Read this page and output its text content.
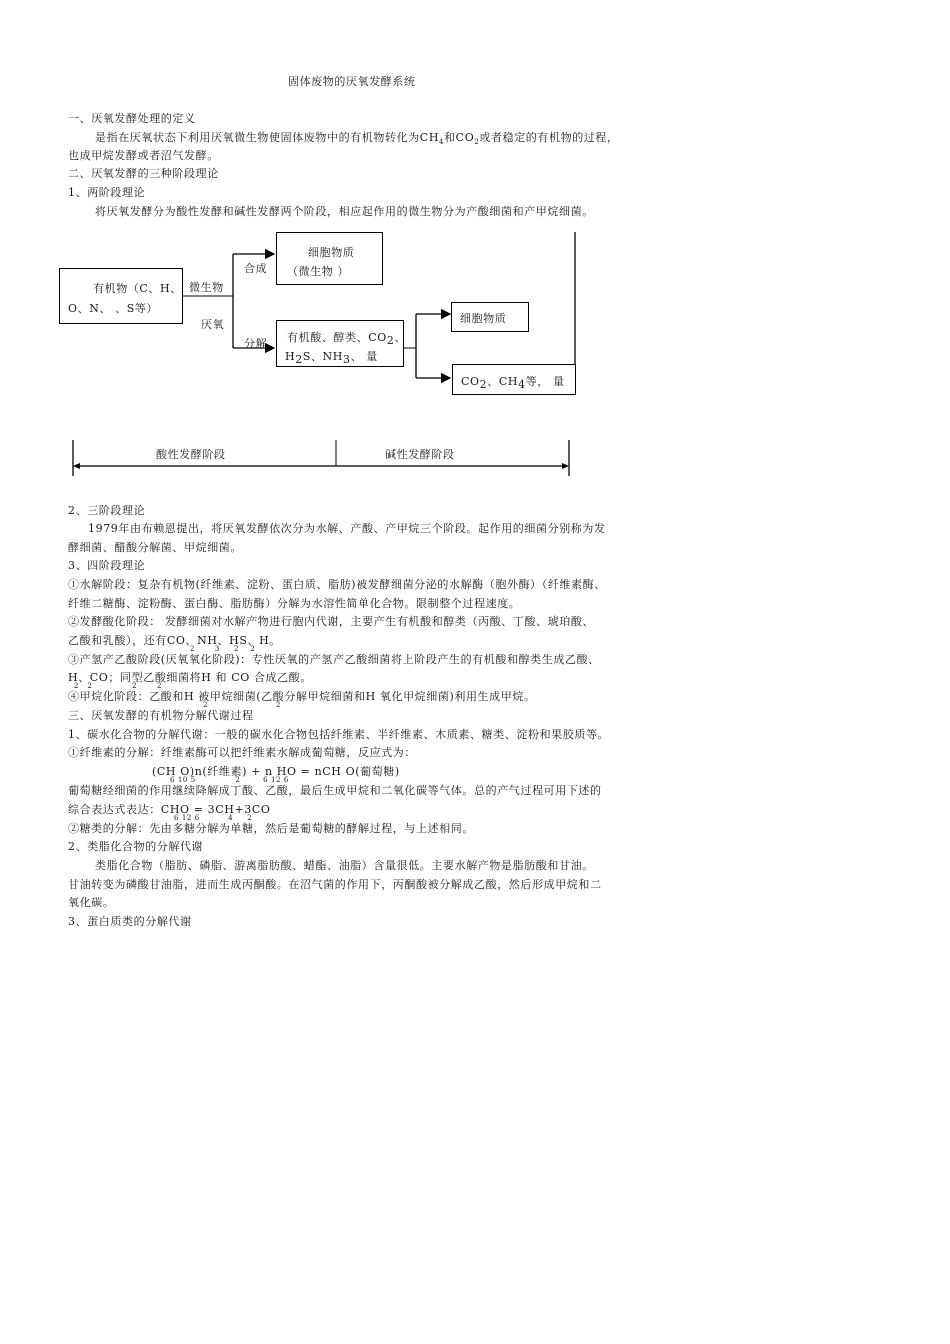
固体废物的厌氧发酵系统
一、厌氧发酵处理的定义
是指在厌氧状态下利用厌氧微生物使固体废物中的有机物转化为$CH_4$和$CO_2$或者稳定的有机物的过程，
也成甲烷发酵或者沼气发酵。
二、厌氧发酵的三种阶段理论
1、两阶段理论
将厌氧发酵分为酸性发酵和碱性发酵两个阶段，相应起作用的微生物分为产酸细菌和产甲烷细菌。
有机物（C、H、
O、N、 、S等）
微生物
厌氧
合成
分解
细胞物质
（微生物 ）
有机酸、醇类、CO2、
H2S、NH3、 量
细胞物质
CO2、CH4等， 量
酸性发酵阶段	碱性发酵阶段
2、三阶段理论
1979年由布赖恩提出，将厌氧发酵依次分为水解、产酸、产甲烷三个阶段。起作用的细菌分别称为发
酵细菌、醋酸分解菌、甲烷细菌。
3、四阶段理论
①水解阶段：复杂有机物(纤维素、淀粉、蛋白质、脂肪)被发酵细菌分泌的水解酶（胞外酶）（纤维素酶、
纤维二糖酶、淀粉酶、蛋白酶、脂肪酶）分解为水溶性简单化合物。限制整个过程速度。
②发酵酸化阶段： 发酵细菌对水解产物进行胞内代谢，主要产生有机酸和醇类（丙酸、丁酸、琥珀酸、
乙酸和乳酸），还有CO、NH、HS、H。
2       3     2    2
③产氢产乙酸阶段(厌氧氧化阶段)：专性厌氧的产氢产乙酸细菌将上阶段产生的有机酸和醇类生成乙酸、
H、CO；同型乙酸细菌将H 和 CO 合成乙酸。
2   2              2       2
④甲烷化阶段：乙酸和H 被甲烷细菌(乙酸分解甲烷细菌和H 氧化甲烷细菌)利用生成甲烷。
2                        2
三、厌氧发酵的有机物分解代谢过程
1、碳水化合物的分解代谢：一般的碳水化合物包括纤维素、半纤维素、木质素、糖类、淀粉和果胶质等。
①纤维素的分解：纤维素酶可以把纤维素水解成葡萄糖，反应式为：
(CH O)n(纤维素) + n HO = nCH O(葡萄糖)
6 10 5              2        6 12 6
葡萄糖经细菌的作用继续降解成丁酸、乙酸，最后生成甲烷和二氧化碳等气体。总的产气过程可用下述的
综合表达式表达：CHO = 3CH+3CO
6 12 6          4     2
②糖类的分解：先由多糖分解为单糖，然后是葡萄糖的酵解过程，与上述相同。
2、类脂化合物的分解代谢
类脂化合物（脂肪、磷脂、游离脂肪酸、蜡酯、油脂）含量很低。主要水解产物是脂肪酸和甘油。
甘油转变为磷酸甘油脂，进而生成丙酮酸。在沼气菌的作用下，丙酮酸被分解成乙酸，然后形成甲烷和二
氧化碳。
3、蛋白质类的分解代谢
